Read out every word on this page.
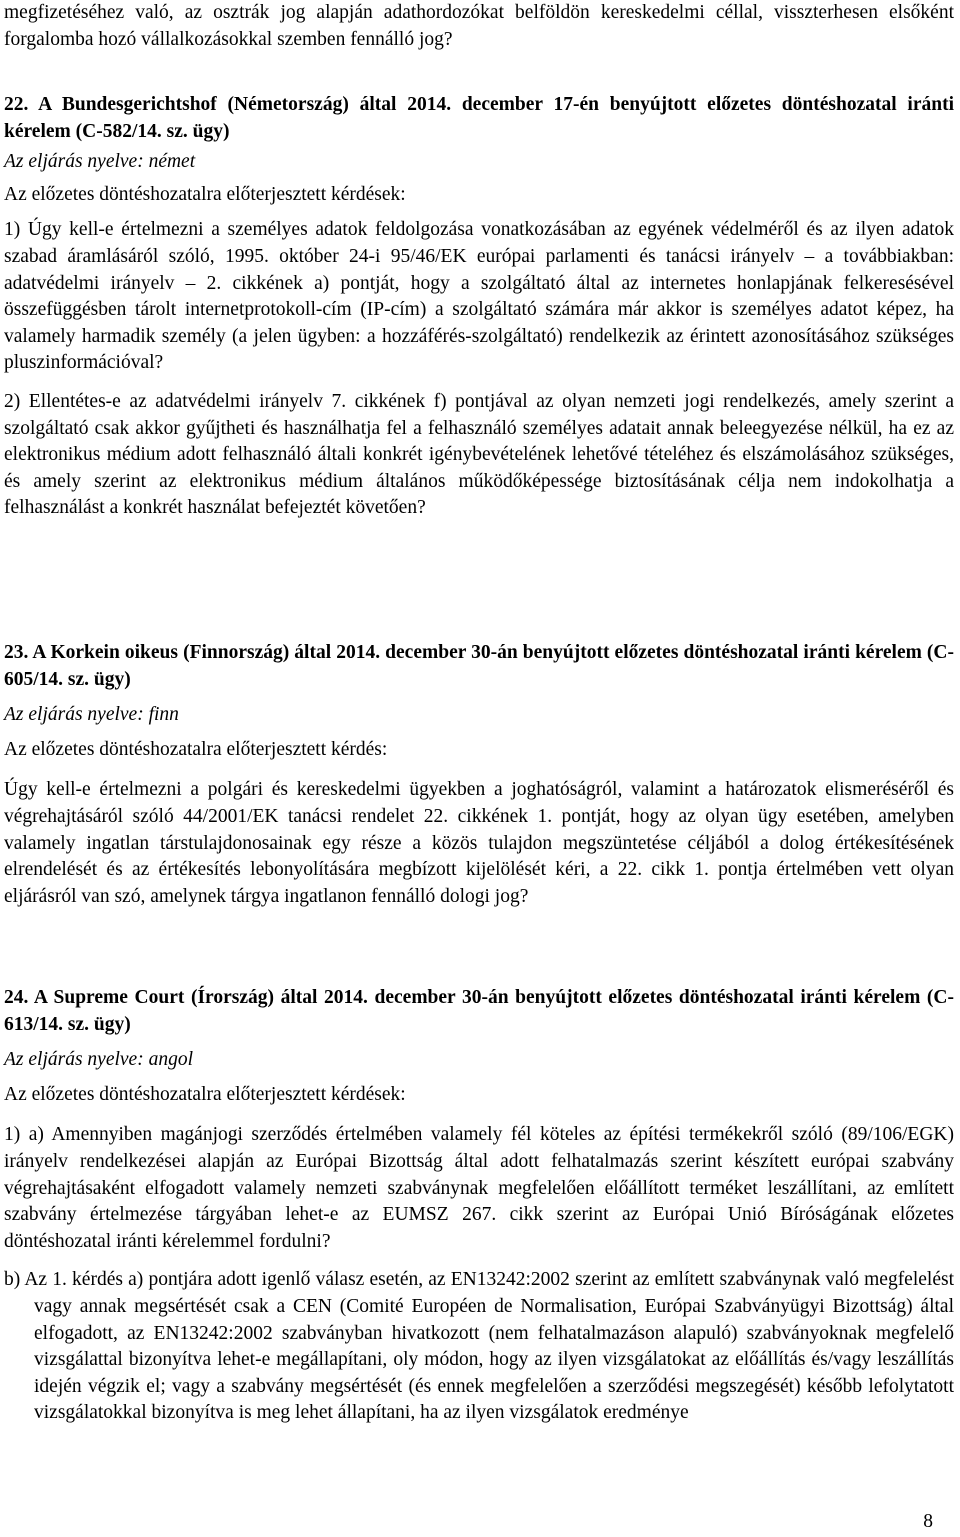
megfizetéséhez való, az osztrák jog alapján adathordozókat belföldön kereskedelmi céllal, visszterhesen elsőként forgalomba hozó vállalkozásokkal szemben fennálló jog?

22. A Bundesgerichtshof (Németország) által 2014. december 17-én benyújtott előzetes döntéshozatal iránti kérelem (C-582/14. sz. ügy)

Az eljárás nyelve: német

Az előzetes döntéshozatalra előterjesztett kérdések:

1) Úgy kell-e értelmezni a személyes adatok feldolgozása vonatkozásában az egyének védelméről és az ilyen adatok szabad áramlásáról szóló, 1995. október 24-i 95/46/EK európai parlamenti és tanácsi irányelv ‒ a továbbiakban: adatvédelmi irányelv ‒ 2. cikkének a) pontját, hogy a szolgáltató által az internetes honlapjának felkeresésével összefüggésben tárolt internetprotokoll-cím (IP-cím) a szolgáltató számára már akkor is személyes adatot képez, ha valamely harmadik személy (a jelen ügyben: a hozzáférés-szolgáltató) rendelkezik az érintett azonosításához szükséges pluszinformációval?

2) Ellentétes-e az adatvédelmi irányelv 7. cikkének f) pontjával az olyan nemzeti jogi rendelkezés, amely szerint a szolgáltató csak akkor gyűjtheti és használhatja fel a felhasználó személyes adatait annak beleegyezése nélkül, ha ez az elektronikus médium adott felhasználó általi konkrét igénybevételének lehetővé tételéhez és elszámolásához szükséges, és amely szerint az elektronikus médium általános működőképessége biztosításának célja nem indokolhatja a felhasználást a konkrét használat befejeztét követően?

23. A Korkein oikeus (Finnország) által 2014. december 30-án benyújtott előzetes döntéshozatal iránti kérelem (C-605/14. sz. ügy)

Az eljárás nyelve: finn

Az előzetes döntéshozatalra előterjesztett kérdés:

Úgy kell-e értelmezni a polgári és kereskedelmi ügyekben a joghatóságról, valamint a határozatok elismeréséről és végrehajtásáról szóló 44/2001/EK tanácsi rendelet 22. cikkének 1. pontját, hogy az olyan ügy esetében, amelyben valamely ingatlan társtulajdonosainak egy része a közös tulajdon megszüntetése céljából a dolog értékesítésének elrendelését és az értékesítés lebonyolítására megbízott kijelölését kéri, a 22. cikk 1. pontja értelmében vett olyan eljárásról van szó, amelynek tárgya ingatlanon fennálló dologi jog?

24. A Supreme Court (Írország) által 2014. december 30-án benyújtott előzetes döntéshozatal iránti kérelem (C-613/14. sz. ügy)

Az eljárás nyelve: angol

Az előzetes döntéshozatalra előterjesztett kérdések:

1) a) Amennyiben magánjogi szerződés értelmében valamely fél köteles az építési termékekről szóló (89/106/EGK) irányelv rendelkezései alapján az Európai Bizottság által adott felhatalmazás szerint készített európai szabvány végrehajtásaként elfogadott valamely nemzeti szabványnak megfelelően előállított terméket leszállítani, az említett szabvány értelmezése tárgyában lehet-e az EUMSZ 267. cikk szerint az Európai Unió Bíróságának előzetes döntéshozatal iránti kérelemmel fordulni?

b) Az 1. kérdés a) pontjára adott igenlő válasz esetén, az EN13242:2002 szerint az említett szabványnak való megfelelést vagy annak megsértését csak a CEN (Comité Européen de Normalisation, Európai Szabványügyi Bizottság) által elfogadott, az EN13242:2002 szabványban hivatkozott (nem felhatalmazáson alapuló) szabványoknak megfelelő vizsgálattal bizonyítva lehet-e megállapítani, oly módon, hogy az ilyen vizsgálatokat az előállítás és/vagy leszállítás idején végzik el; vagy a szabvány megsértését (és ennek megfelelően a szerződési megszegését) később lefolytatott vizsgálatokkal bizonyítva is meg lehet állapítani, ha az ilyen vizsgálatok eredménye

8
